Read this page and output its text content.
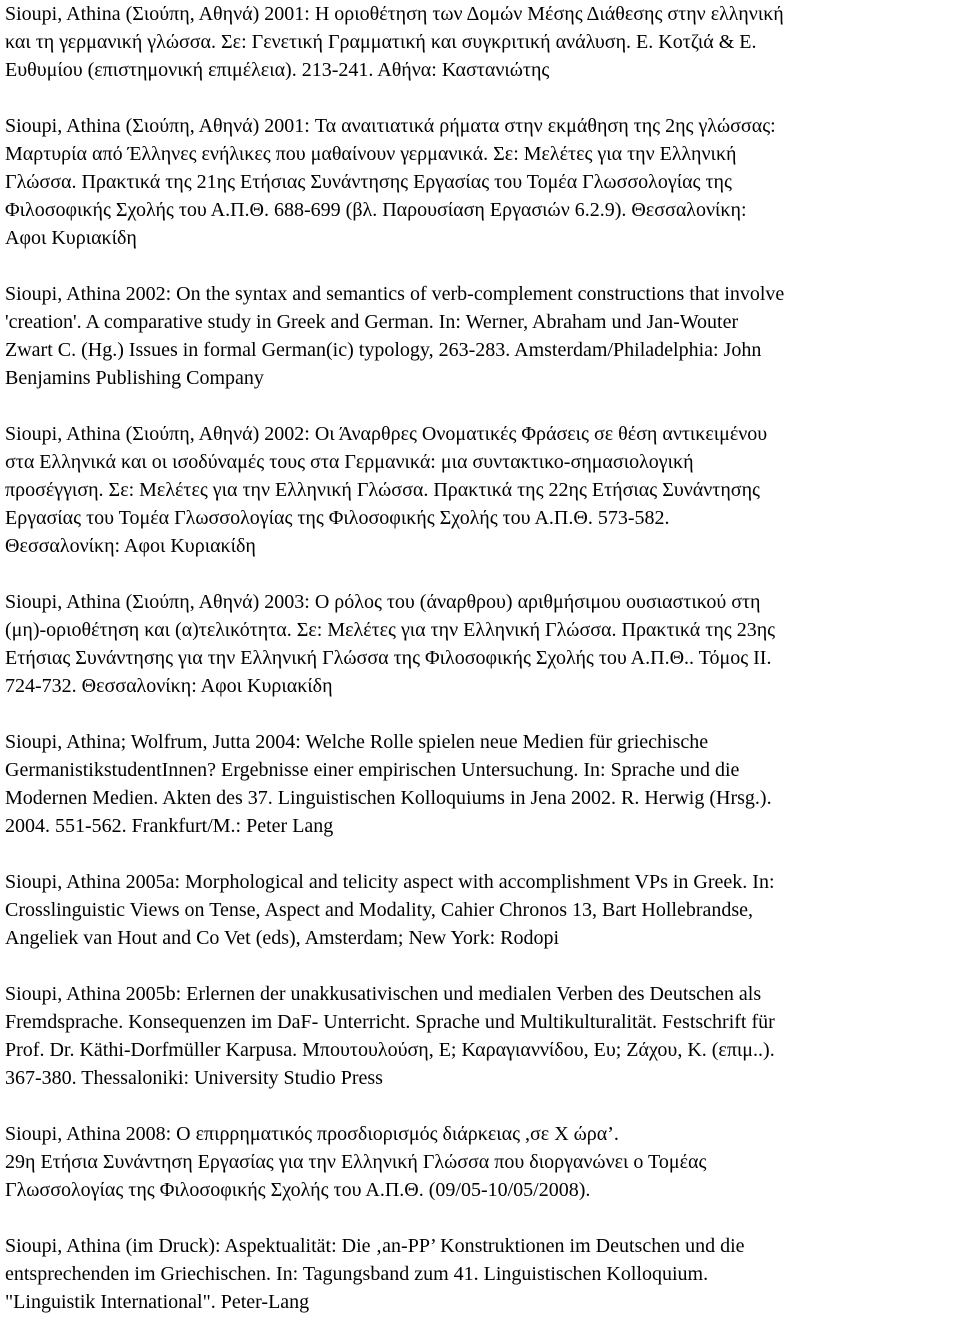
Sioupi, Athina (Σιούπη, Αθηνά) 2001: Η οριοθέτηση των Δομών Μέσης Διάθεσης στην ελληνική
και τη γερμανική γλώσσα. Σε: Γενετική Γραμματική και συγκριτική ανάλυση. Ε. Κοτζιά & Ε.
Ευθυμίου (επιστημονική επιμέλεια). 213-241. Αθήνα: Καστανιώτης
Sioupi, Athina (Σιούπη, Αθηνά) 2001: Τα αναιτιατικά ρήματα στην εκμάθηση της 2ης γλώσσας:
Μαρτυρία από Έλληνες ενήλικες που μαθαίνουν γερμανικά. Σε: Μελέτες για την Ελληνική
Γλώσσα. Πρακτικά της 21ης Ετήσιας Συνάντησης Εργασίας του Τομέα Γλωσσολογίας της
Φιλοσοφικής Σχολής του Α.Π.Θ. 688-699 (βλ. Παρουσίαση Εργασιών 6.2.9). Θεσσαλονίκη:
Αφοι Κυριακίδη
Sioupi, Athina 2002: On the syntax and semantics of verb-complement constructions that involve
'creation'. A comparative study in Greek and German. In: Werner, Abraham und Jan-Wouter
Zwart C. (Hg.) Issues in formal German(ic) typology, 263-283. Amsterdam/Philadelphia: John
Benjamins Publishing Company
Sioupi, Athina (Σιούπη, Αθηνά) 2002: Οι Άναρθρες Ονοματικές Φράσεις σε θέση αντικειμένου
στα Ελληνικά και οι ισοδύναμές τους στα Γερμανικά: μια συντακτικο-σημασιολογική
προσέγγιση. Σε: Μελέτες για την Ελληνική Γλώσσα. Πρακτικά της 22ης Ετήσιας Συνάντησης
Εργασίας του Τομέα Γλωσσολογίας της Φιλοσοφικής Σχολής του Α.Π.Θ. 573-582.
Θεσσαλονίκη: Αφοι Κυριακίδη
Sioupi, Athina (Σιούπη, Αθηνά) 2003: Ο ρόλος του (άναρθρου) αριθμήσιμου ουσιαστικού στη
(μη)-οριοθέτηση και (α)τελικότητα. Σε: Μελέτες για την Ελληνική Γλώσσα. Πρακτικά της 23ης
Ετήσιας Συνάντησης για την Ελληνική Γλώσσα της Φιλοσοφικής Σχολής του Α.Π.Θ.. Τόμος ΙΙ.
724-732. Θεσσαλονίκη: Αφοι Κυριακίδη
Sioupi, Athina; Wolfrum, Jutta 2004: Welche Rolle spielen neue Medien für griechische
GermanistikstudentInnen? Ergebnisse einer empirischen Untersuchung. In: Sprache und die
Modernen Medien. Akten des 37. Linguistischen Kolloquiums in Jena 2002. R. Herwig (Hrsg.).
2004. 551-562. Frankfurt/M.: Peter Lang
Sioupi, Athina 2005a: Morphological and telicity aspect with accomplishment VPs in Greek. In:
Crosslinguistic Views on Tense, Aspect and Modality, Cahier Chronos 13, Bart Hollebrandse,
Angeliek van Hout and Co Vet (eds), Amsterdam; New York: Rodopi
Sioupi, Athina 2005b: Erlernen der unakkusativischen und medialen Verben des Deutschen als
Fremdsprache. Konsequenzen im DaF- Unterricht. Sprache und Multikulturalität. Festschrift für
Prof. Dr. Käthi-Dorfmüller Karpusa. Μπουτουλούση, Ε; Καραγιαννίδου, Ευ; Ζάχου, Κ. (επιμ..).
367-380. Thessaloniki: University Studio Press
Sioupi, Athina 2008: Ο επιρρηματικός προσδιορισμός διάρκειας ,σε Χ ώρα’.
29η Ετήσια Συνάντηση Εργασίας για την Ελληνική Γλώσσα που διοργανώνει ο Τομέας
Γλωσσολογίας της Φιλοσοφικής Σχολής του Α.Π.Θ. (09/05-10/05/2008).
Sioupi, Athina (im Druck): Aspektualität: Die ‚an-PP’ Konstruktionen im Deutschen und die
entsprechenden im Griechischen. In: Tagungsband zum 41. Linguistischen Kolloquium.
"Linguistik International". Peter-Lang
